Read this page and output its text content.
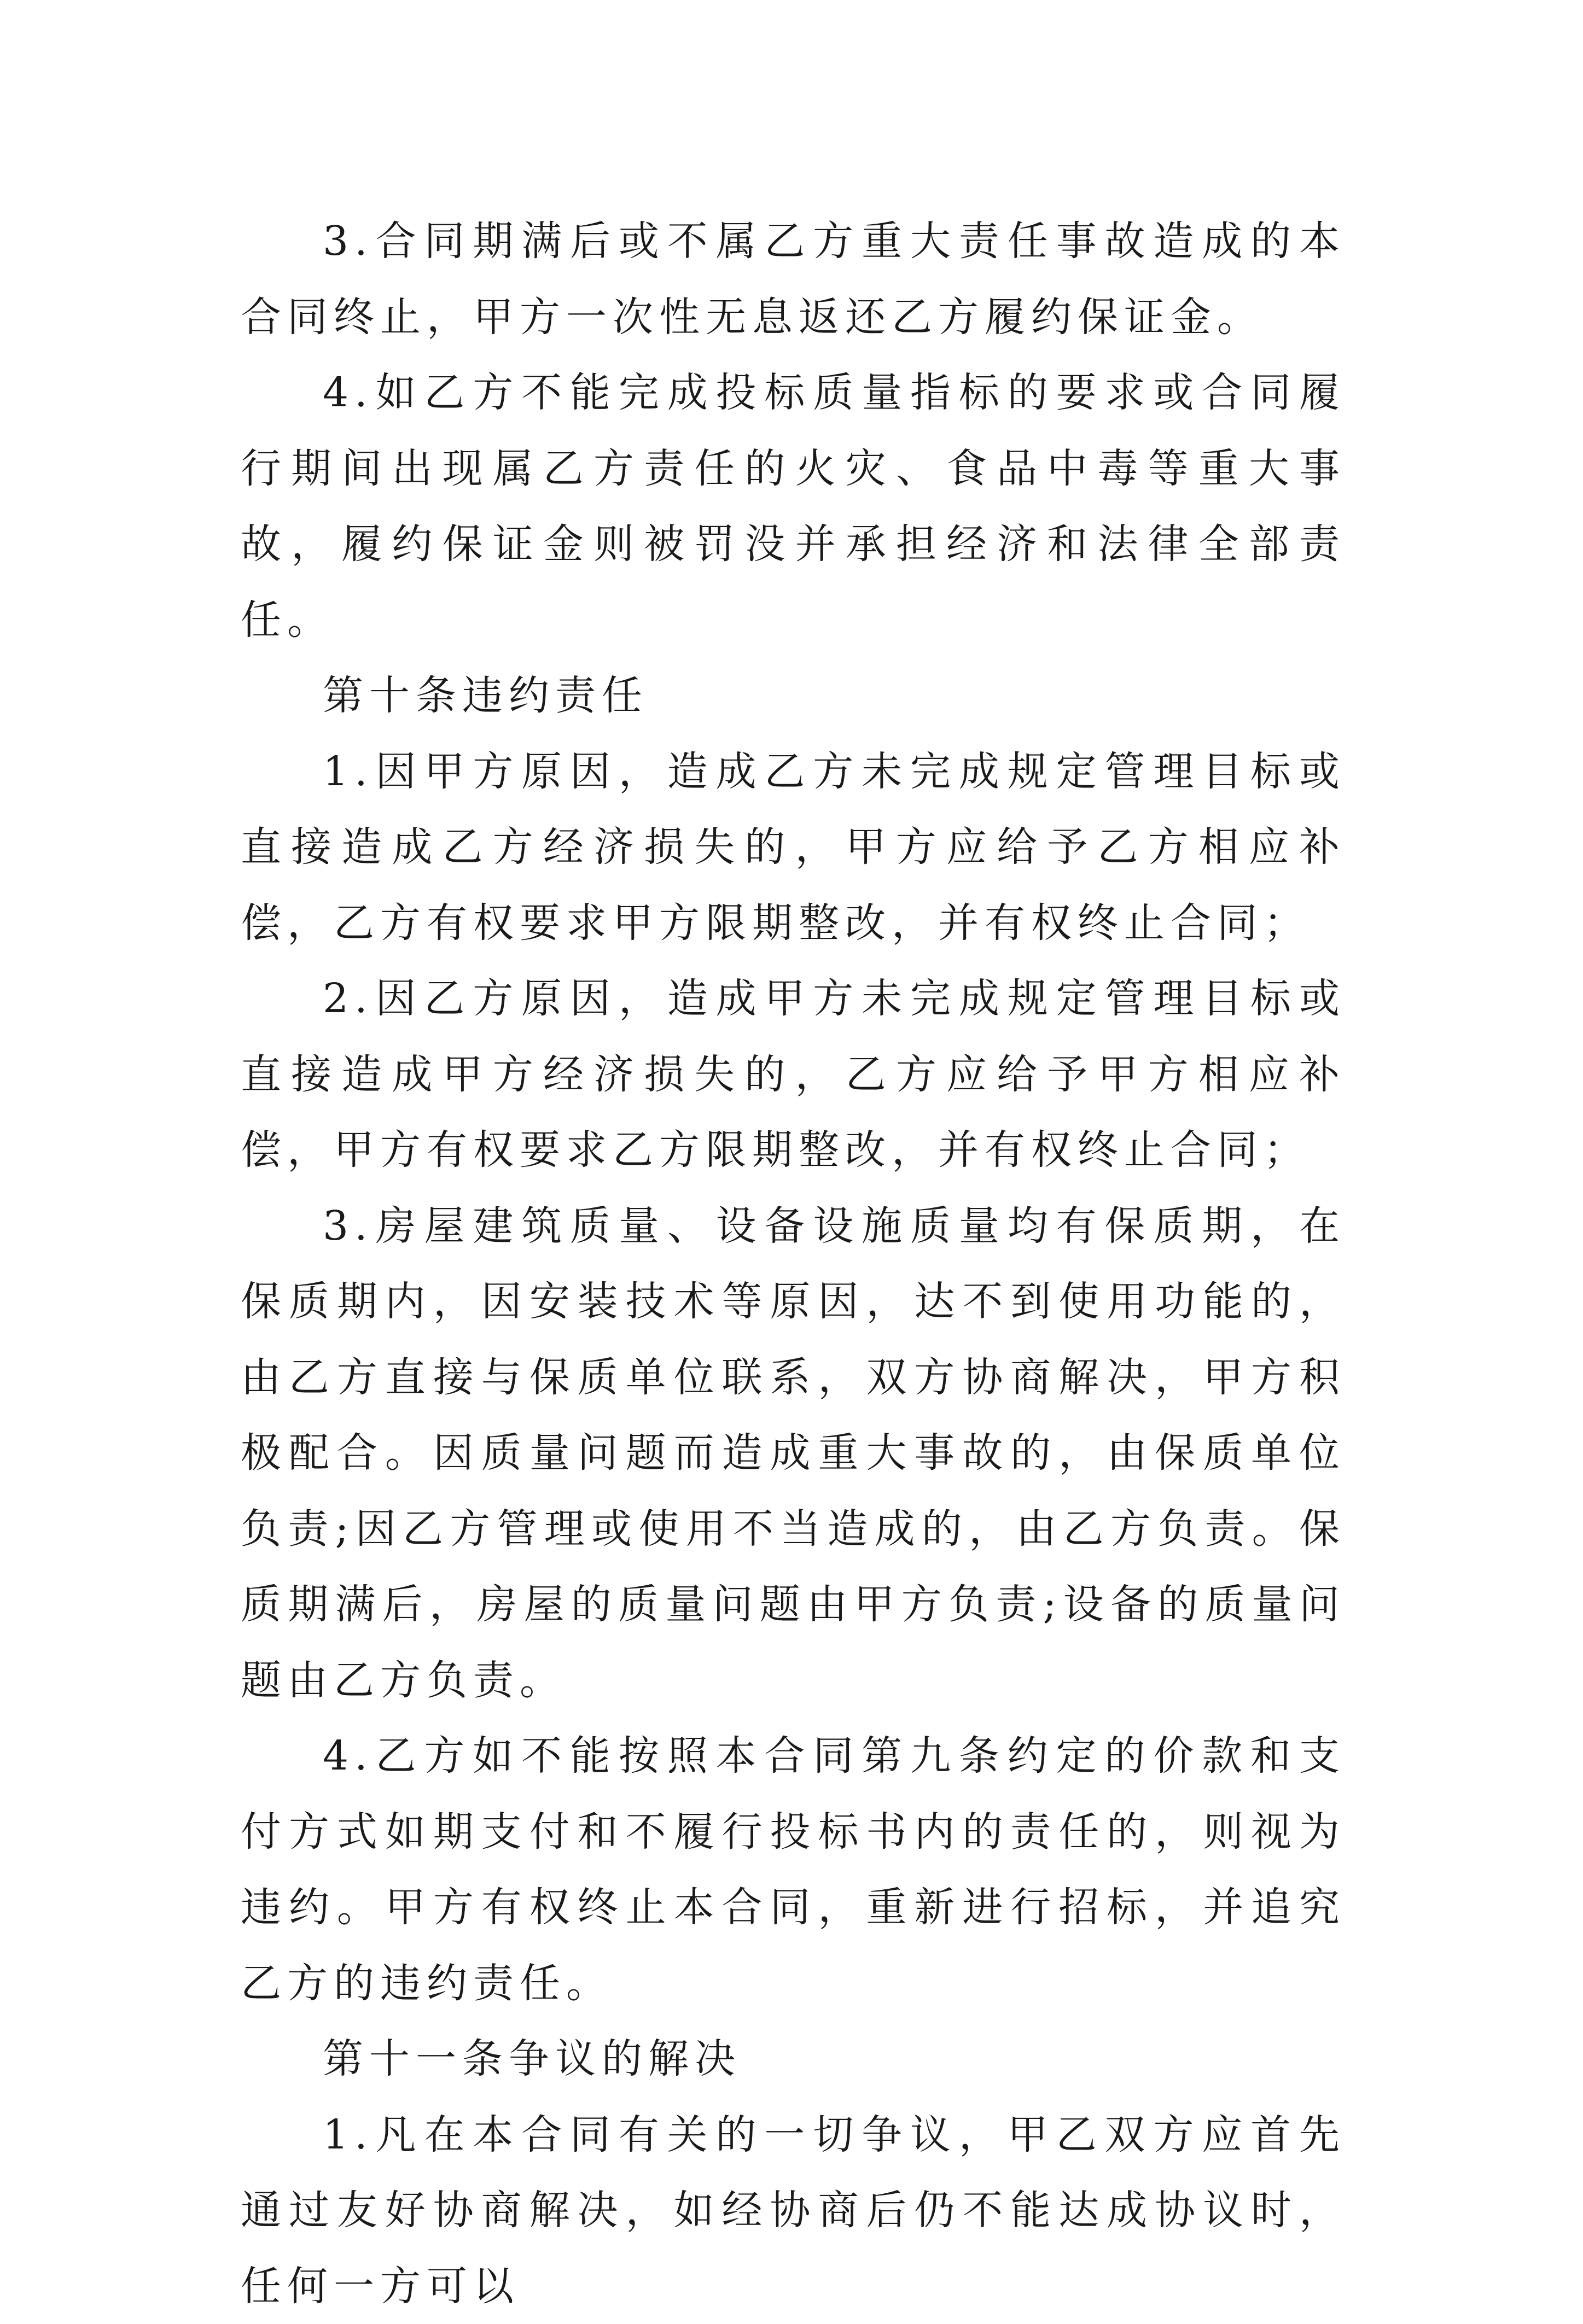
3.合同期满后或不属乙方重大责任事故造成的本合同终止，甲方一次性无息返还乙方履约保证金。

4.如乙方不能完成投标质量指标的要求或合同履行期间出现属乙方责任的火灾、食品中毒等重大事故，履约保证金则被罚没并承担经济和法律全部责任。

第十条违约责任

1.因甲方原因，造成乙方未完成规定管理目标或直接造成乙方经济损失的，甲方应给予乙方相应补偿，乙方有权要求甲方限期整改，并有权终止合同；

2.因乙方原因，造成甲方未完成规定管理目标或直接造成甲方经济损失的，乙方应给予甲方相应补偿，甲方有权要求乙方限期整改，并有权终止合同；

3.房屋建筑质量、设备设施质量均有保质期，在保质期内，因安装技术等原因，达不到使用功能的，由乙方直接与保质单位联系，双方协商解决，甲方积极配合。因质量问题而造成重大事故的，由保质单位负责;因乙方管理或使用不当造成的，由乙方负责。保质期满后，房屋的质量问题由甲方负责;设备的质量问题由乙方负责。

4.乙方如不能按照本合同第九条约定的价款和支付方式如期支付和不履行投标书内的责任的，则视为违约。甲方有权终止本合同，重新进行招标，并追究乙方的违约责任。

第十一条争议的解决

1.凡在本合同有关的一切争议，甲乙双方应首先通过友好协商解决，如经协商后仍不能达成协议时，任何一方可以
